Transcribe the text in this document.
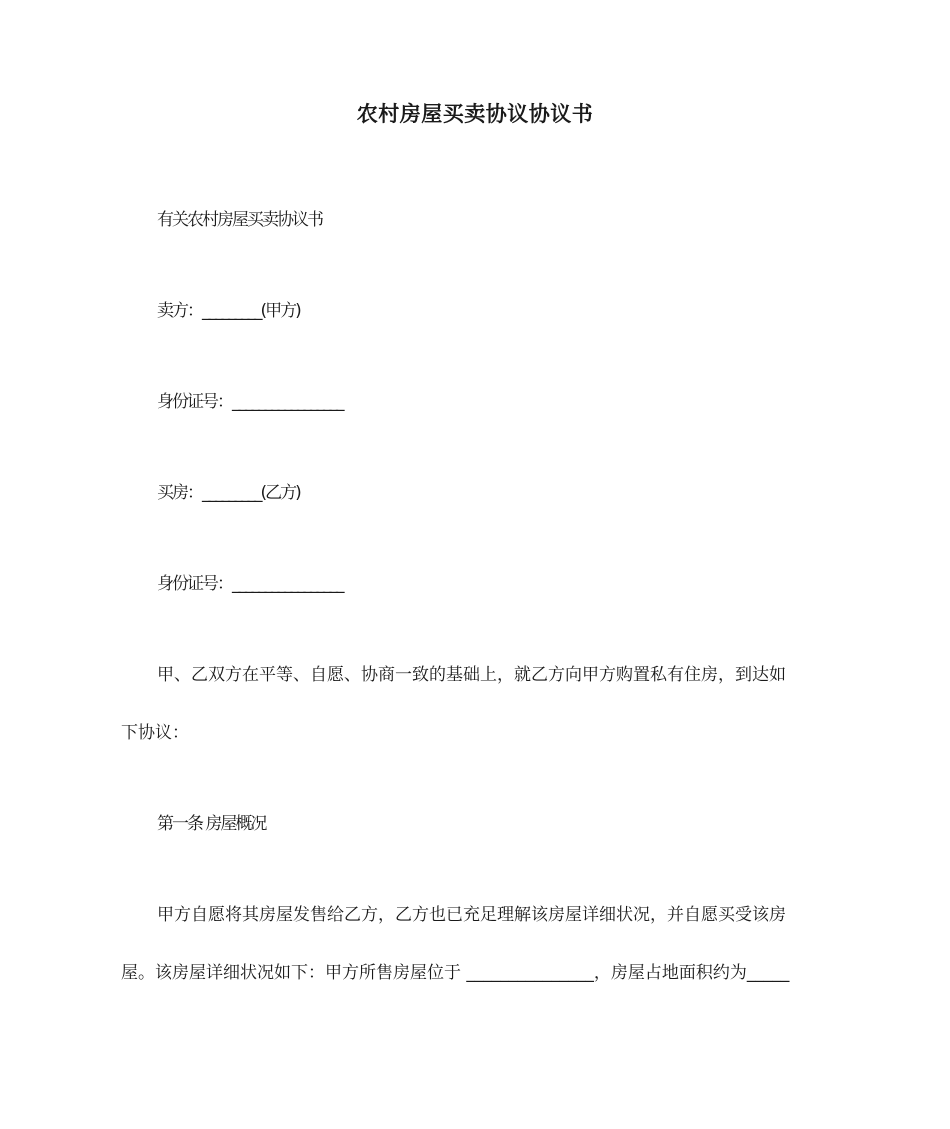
农村房屋买卖协议协议书

有关农村房屋买卖协议书

卖方：_________(甲方)

身份证号：_________________

买房：_________(乙方)

身份证号：_________________

甲、乙双方在平等、自愿、协商一致的基础上，就乙方向甲方购置私有住房，到达如
下协议：

第一条 房屋概况

甲方自愿将其房屋发售给乙方，乙方也已充足理解该房屋详细状况，并自愿买受该房
屋。该房屋详细状况如下：甲方所售房屋位于 _______________，房屋占地面积约为_____
